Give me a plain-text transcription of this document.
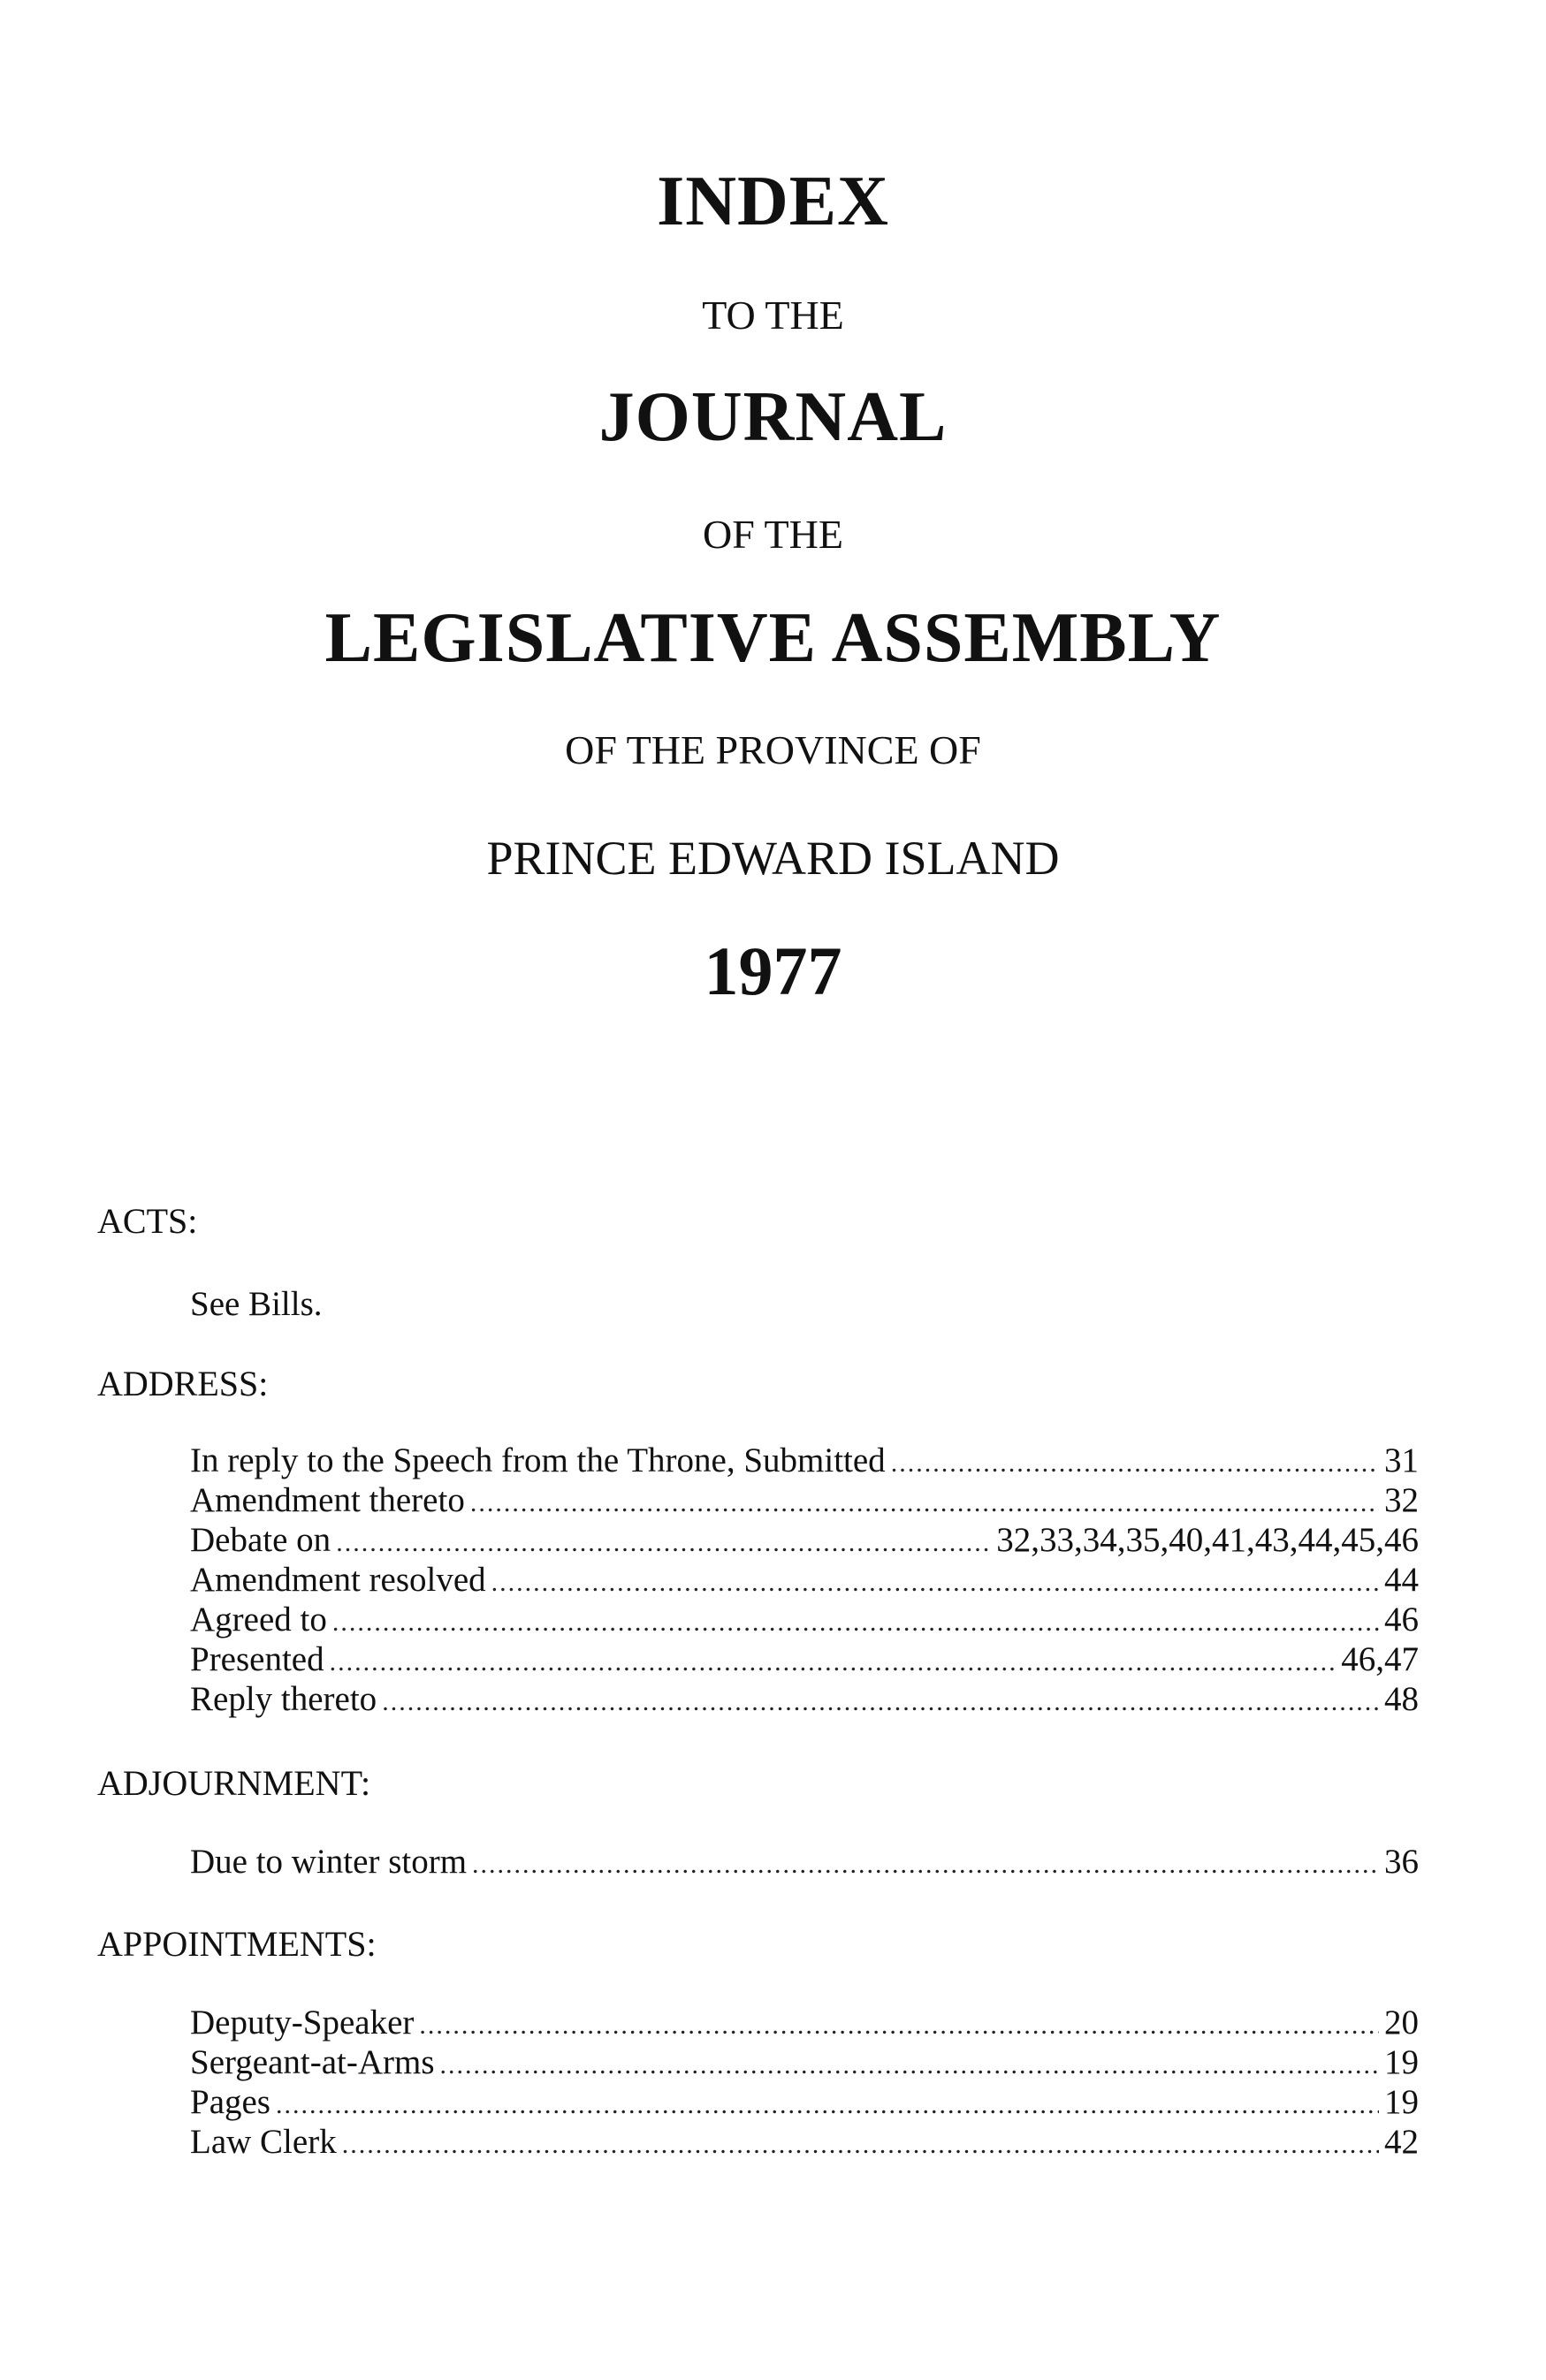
INDEX
TO THE
JOURNAL
OF THE
LEGISLATIVE ASSEMBLY
OF THE PROVINCE OF
PRINCE EDWARD ISLAND
1977
ACTS:
See Bills.
ADDRESS:
In reply to the Speech from the Throne, Submitted .....	31
Amendment thereto .....	32
Debate on .....	32,33,34,35,40,41,43,44,45,46
Amendment resolved .....	44
Agreed to .....	46
Presented .....	46,47
Reply thereto .....	48
ADJOURNMENT:
Due to winter storm .....	36
APPOINTMENTS:
Deputy-Speaker .....	20
Sergeant-at-Arms .....	19
Pages .....	19
Law Clerk .....	42
